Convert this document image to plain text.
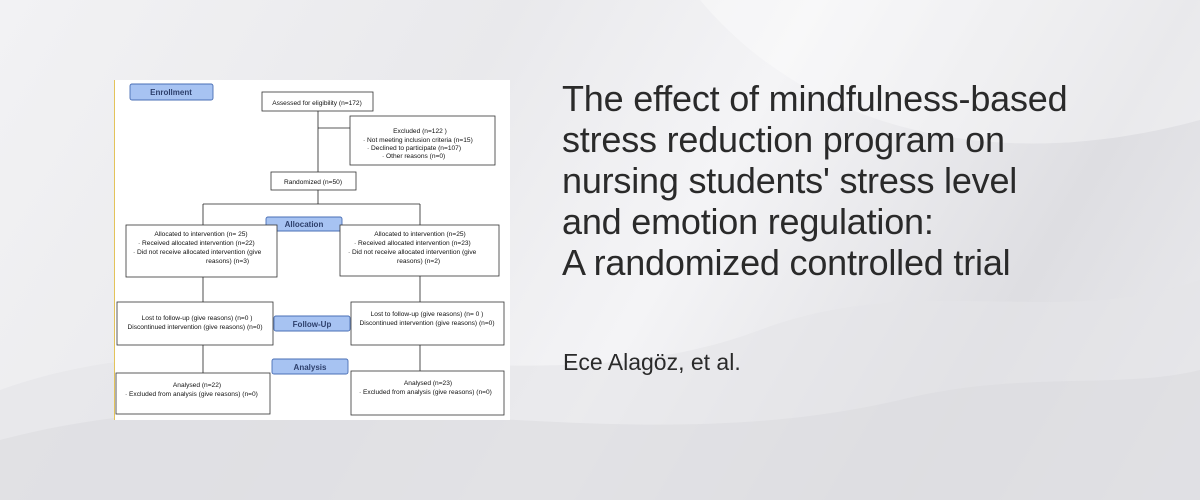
Enrollment
Allocation
Follow-Up
Analysis
Assessed for eligibility (n=172)
Excluded (n=122 )
· Not meeting inclusion criteria (n=15)
· Declined to participate (n=107)
· Other reasons (n=0)
Randomized (n=50)
Allocated to intervention (n= 25)
· Received allocated intervention (n=22)
· Did not receive allocated intervention (give
reasons) (n=3)
Allocated to intervention (n=25)
· Received allocated intervention (n=23)
· Did not receive allocated intervention (give
reasons) (n=2)
Lost to follow-up (give reasons) (n=0 )
Discontinued intervention (give reasons) (n=0)
Lost to follow-up (give reasons) (n= 0 )
Discontinued intervention (give reasons) (n=0)
Analysed (n=22)
· Excluded from analysis (give reasons) (n=0)
Analysed (n=23)
· Excluded from analysis (give reasons) (n=0)
The effect of mindfulness-based
stress reduction program on
nursing students' stress level
and emotion regulation:
A randomized controlled trial
Ece Alagöz, et al.
